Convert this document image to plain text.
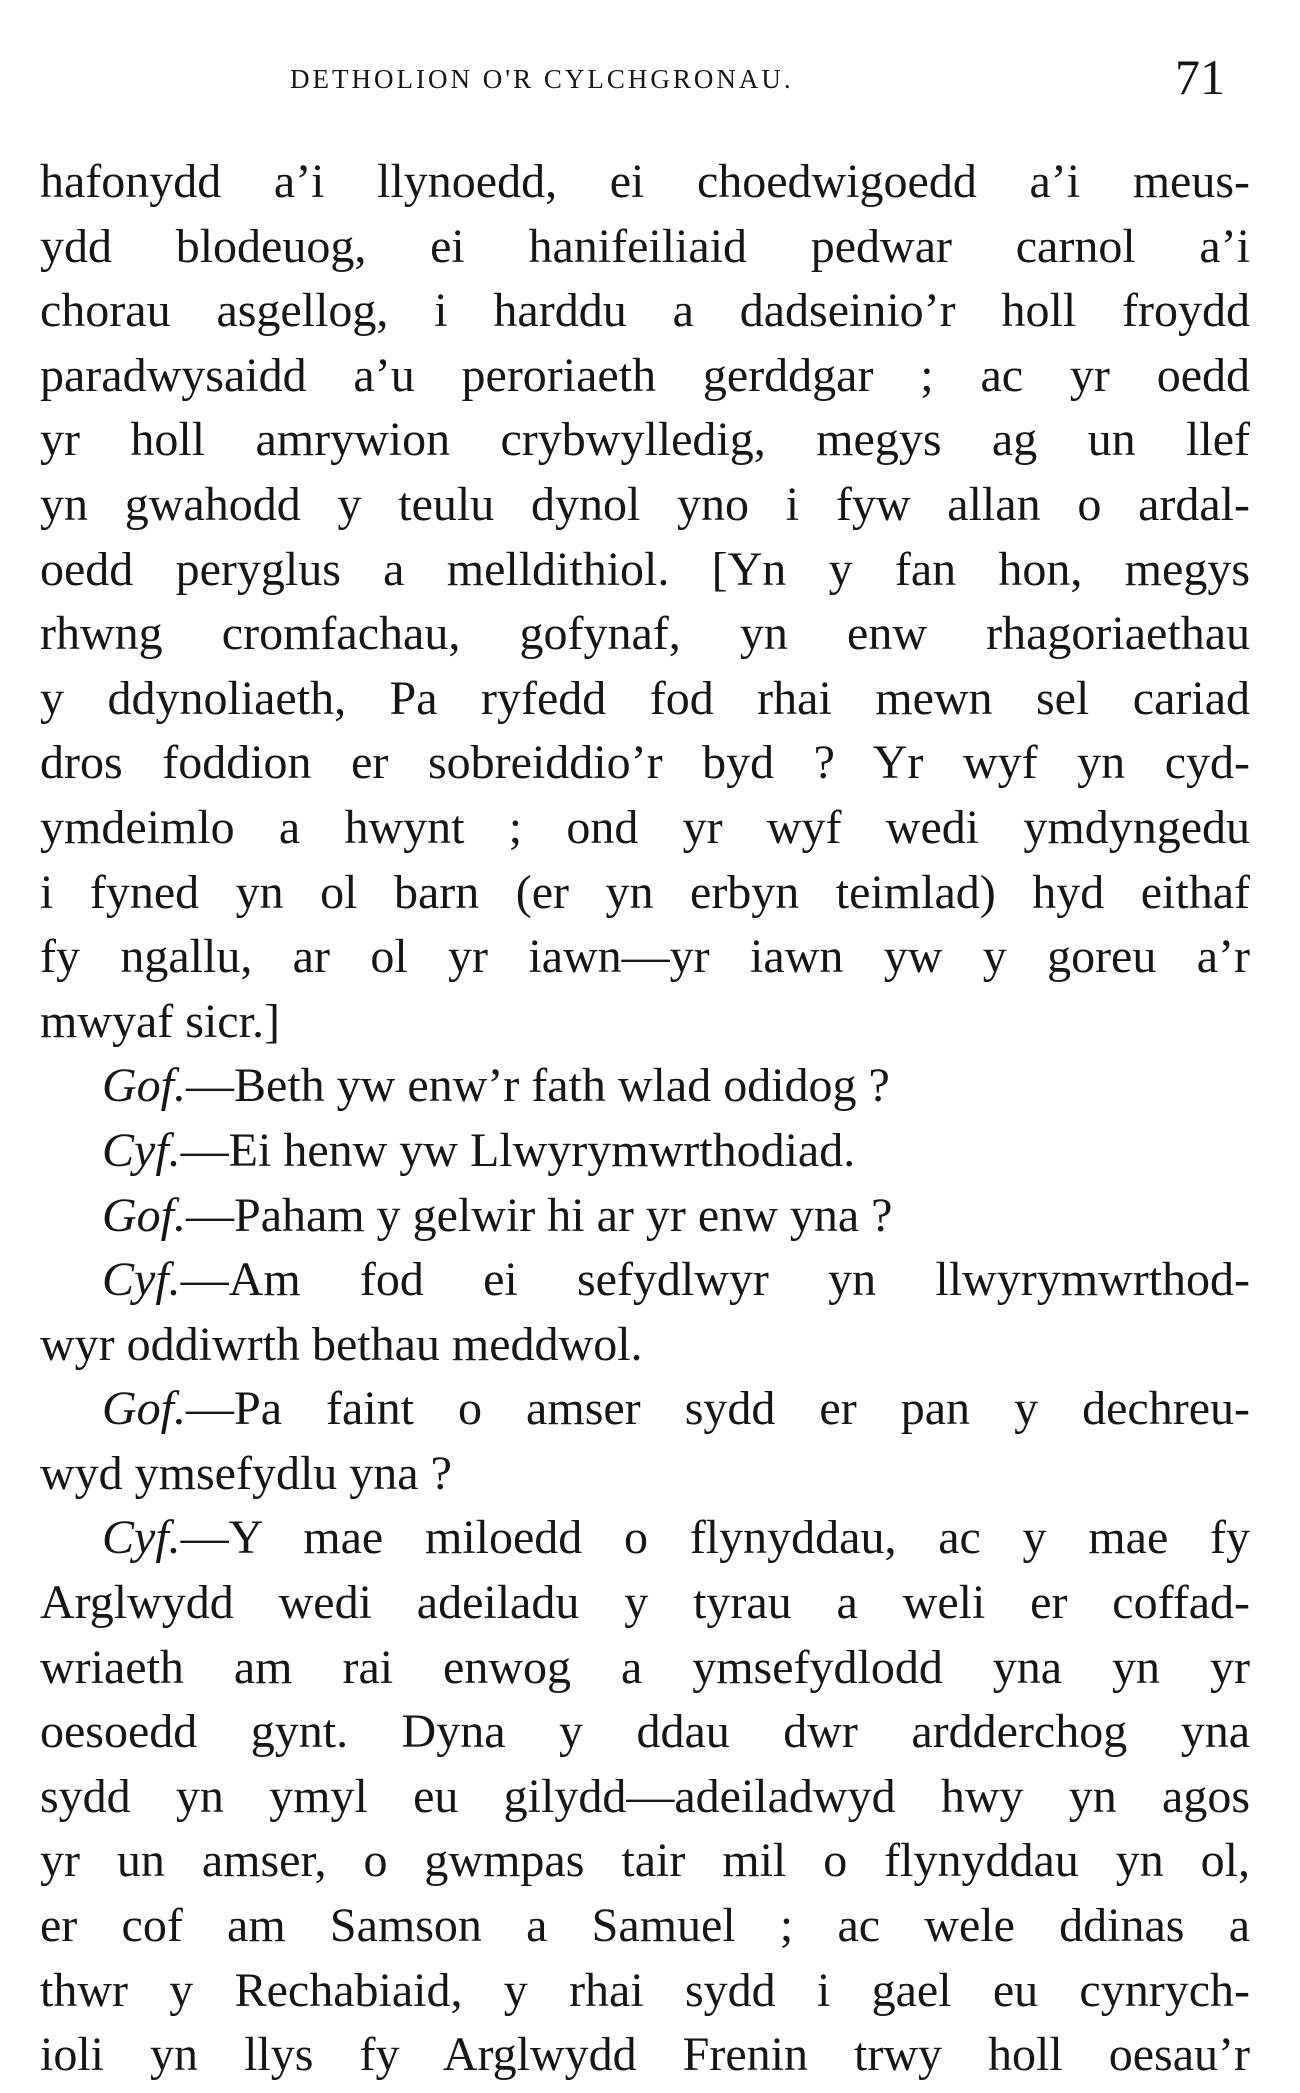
DETHOLION O'R CYLCHGRONAU.	71
hafonydd a’i llynoedd, ei choedwigoedd a’i meus-
ydd blodeuog, ei hanifeiliaid pedwar carnol a’i
chorau asgellog, i harddu a dadseinio’r holl froydd
paradwysaidd a’u peroriaeth gerddgar ; ac yr oedd
yr holl amrywion crybwylledig, megys ag un llef
yn gwahodd y teulu dynol yno i fyw allan o ardal-
oedd peryglus a melldithiol. [Yn y fan hon, megys
rhwng cromfachau, gofynaf, yn enw rhagoriaethau
y ddynoliaeth, Pa ryfedd fod rhai mewn sel cariad
dros foddion er sobreiddio’r byd ? Yr wyf yn cyd-
ymdeimlo a hwynt ; ond yr wyf wedi ymdyngedu
i fyned yn ol barn (er yn erbyn teimlad) hyd eithaf
fy ngallu, ar ol yr iawn—yr iawn yw y goreu a’r
mwyaf sicr.]
Gof.—Beth yw enw’r fath wlad odidog ?
Cyf.—Ei henw yw Llwyrymwrthodiad.
Gof.—Paham y gelwir hi ar yr enw yna ?
Cyf.—Am fod ei sefydlwyr yn llwyrymwrthod-
wyr oddiwrth bethau meddwol.
Gof.—Pa faint o amser sydd er pan y dechreu-
wyd ymsefydlu yna ?
Cyf.—Y mae miloedd o flynyddau, ac y mae fy
Arglwydd wedi adeiladu y tyrau a weli er coffad-
wriaeth am rai enwog a ymsefydlodd yna yn yr
oesoedd gynt. Dyna y ddau dwr ardderchog yna
sydd yn ymyl eu gilydd—adeiladwyd hwy yn agos
yr un amser, o gwmpas tair mil o flynyddau yn ol,
er cof am Samson a Samuel ; ac wele ddinas a
thwr y Rechabiaid, y rhai sydd i gael eu cynrych-
ioli yn llys fy Arglwydd Frenin trwy holl oesau’r
